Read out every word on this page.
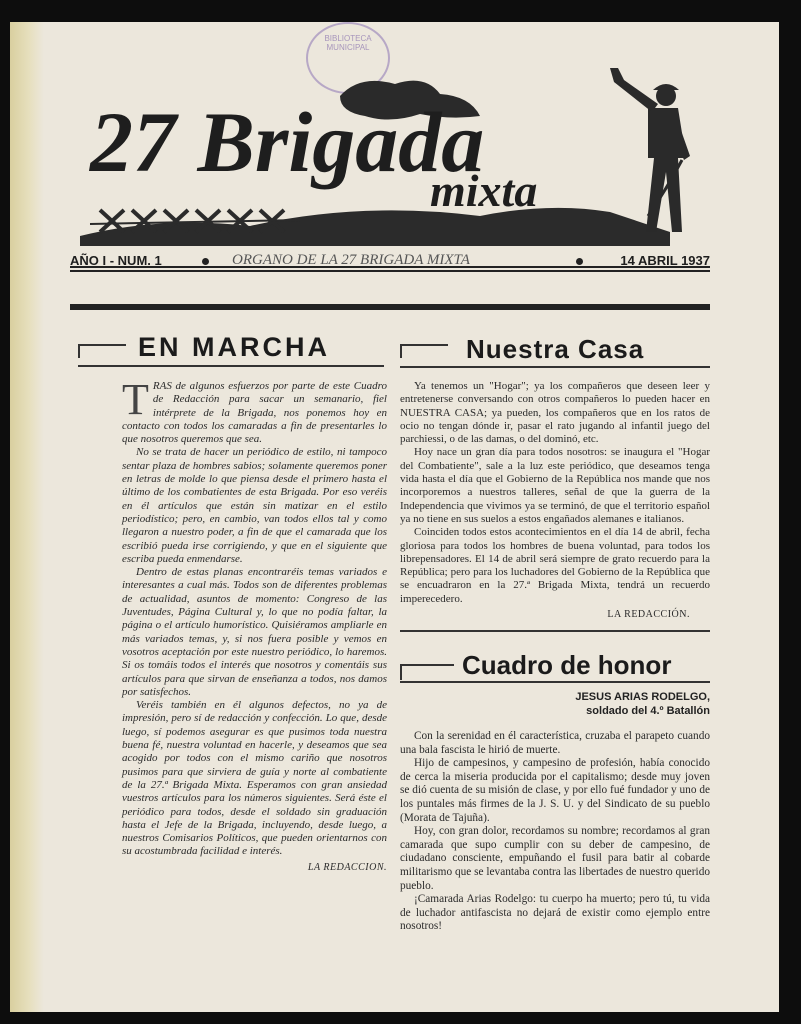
BIBLIOTECA MUNICIPAL
27 Brigada
mixta
AÑO I - NUM. 1	ORGANO DE LA 27 BRIGADA MIXTA	14 ABRIL 1937
EN MARCHA

TRAS de algunos esfuerzos por parte de este Cuadro de Redacción para sacar un semanario, fiel intérprete de la Brigada, nos ponemos hoy en contacto con todos los camaradas a fin de presentarles lo que nosotros queremos que sea.

No se trata de hacer un periódico de estilo, ni tampoco sentar plaza de hombres sabios; solamente queremos poner en letras de molde lo que piensa desde el primero hasta el último de los combatientes de esta Brigada. Por eso veréis en él artículos que están sin matizar en el estilo periodístico; pero, en cambio, van todos ellos tal y como llegaron a nuestro poder, a fin de que el camarada que los escribió pueda irse corrigiendo, y que en el siguiente que escriba pueda enmendarse.

Dentro de estas planas encontraréis temas variados e interesantes a cual más. Todos son de diferentes problemas de actualidad, asuntos de momento: Congreso de las Juventudes, Página Cultural y, lo que no podía faltar, la página o el artículo humorístico. Quisiéramos ampliarle en más variados temas, y, si nos fuera posible y vemos en vosotros aceptación por este nuestro periódico, lo haremos. Si os tomáis todos el interés que nosotros y comentáis sus artículos para que sirvan de enseñanza a todos, nos damos por satisfechos.

Veréis también en él algunos defectos, no ya de impresión, pero sí de redacción y confección. Lo que, desde luego, sí podemos asegurar es que pusimos toda nuestra buena fé, nuestra voluntad en hacerle, y deseamos que sea acogido por todos con el mismo cariño que nosotros pusimos para que sirviera de guía y norte al combatiente de la 27.ª Brigada Mixta. Esperamos con gran ansiedad vuestros artículos para los números siguientes. Será éste el periódico para todos, desde el soldado sin graduación hasta el Jefe de la Brigada, incluyendo, desde luego, a nuestros Comisarios Políticos, que pueden orientarnos con su acostumbrada facilidad e interés.

LA REDACCION.

Nuestra Casa

Ya tenemos un "Hogar"; ya los compañeros que deseen leer y entretenerse conversando con otros compañeros lo pueden hacer en NUESTRA CASA; ya pueden, los compañeros que en los ratos de ocio no tengan dónde ir, pasar el rato jugando al infantil juego del parchiessi, o de las damas, o del dominó, etc.

Hoy nace un gran día para todos nosotros: se inaugura el "Hogar del Combatiente", sale a la luz este periódico, que deseamos tenga vida hasta el día que el Gobierno de la República nos mande que nos incorporemos a nuestros talleres, señal de que la guerra de la Independencia que vivimos ya se terminó, de que el territorio español ya no tiene en sus suelos a estos engañados alemanes e italianos.

Coinciden todos estos acontecimientos en el día 14 de abril, fecha gloriosa para todos los hombres de buena voluntad, para todos los librepensadores. El 14 de abril será siempre de grato recuerdo para la República; pero para los luchadores del Gobierno de la República que se encuadraron en la 27.ª Brigada Mixta, tendrá un recuerdo imperecedero.

LA REDACCIÓN.

Cuadro de honor
JESUS ARIAS RODELGO,
soldado del 4.º Batallón

Con la serenidad en él característica, cruzaba el parapeto cuando una bala fascista le hirió de muerte.

Hijo de campesinos, y campesino de profesión, había conocido de cerca la miseria producida por el capitalismo; desde muy joven se dió cuenta de su misión de clase, y por ello fué fundador y uno de los puntales más firmes de la J. S. U. y del Sindicato de su pueblo (Morata de Tajuña).

Hoy, con gran dolor, recordamos su nombre; recordamos al gran camarada que supo cumplir con su deber de campesino, de ciudadano consciente, empuñando el fusil para batir al cobarde militarismo que se levantaba contra las libertades de nuestro querido pueblo.

¡Camarada Arias Rodelgo: tu cuerpo ha muerto; pero tú, tu vida de luchador antifascista no dejará de existir como ejemplo entre nosotros!
